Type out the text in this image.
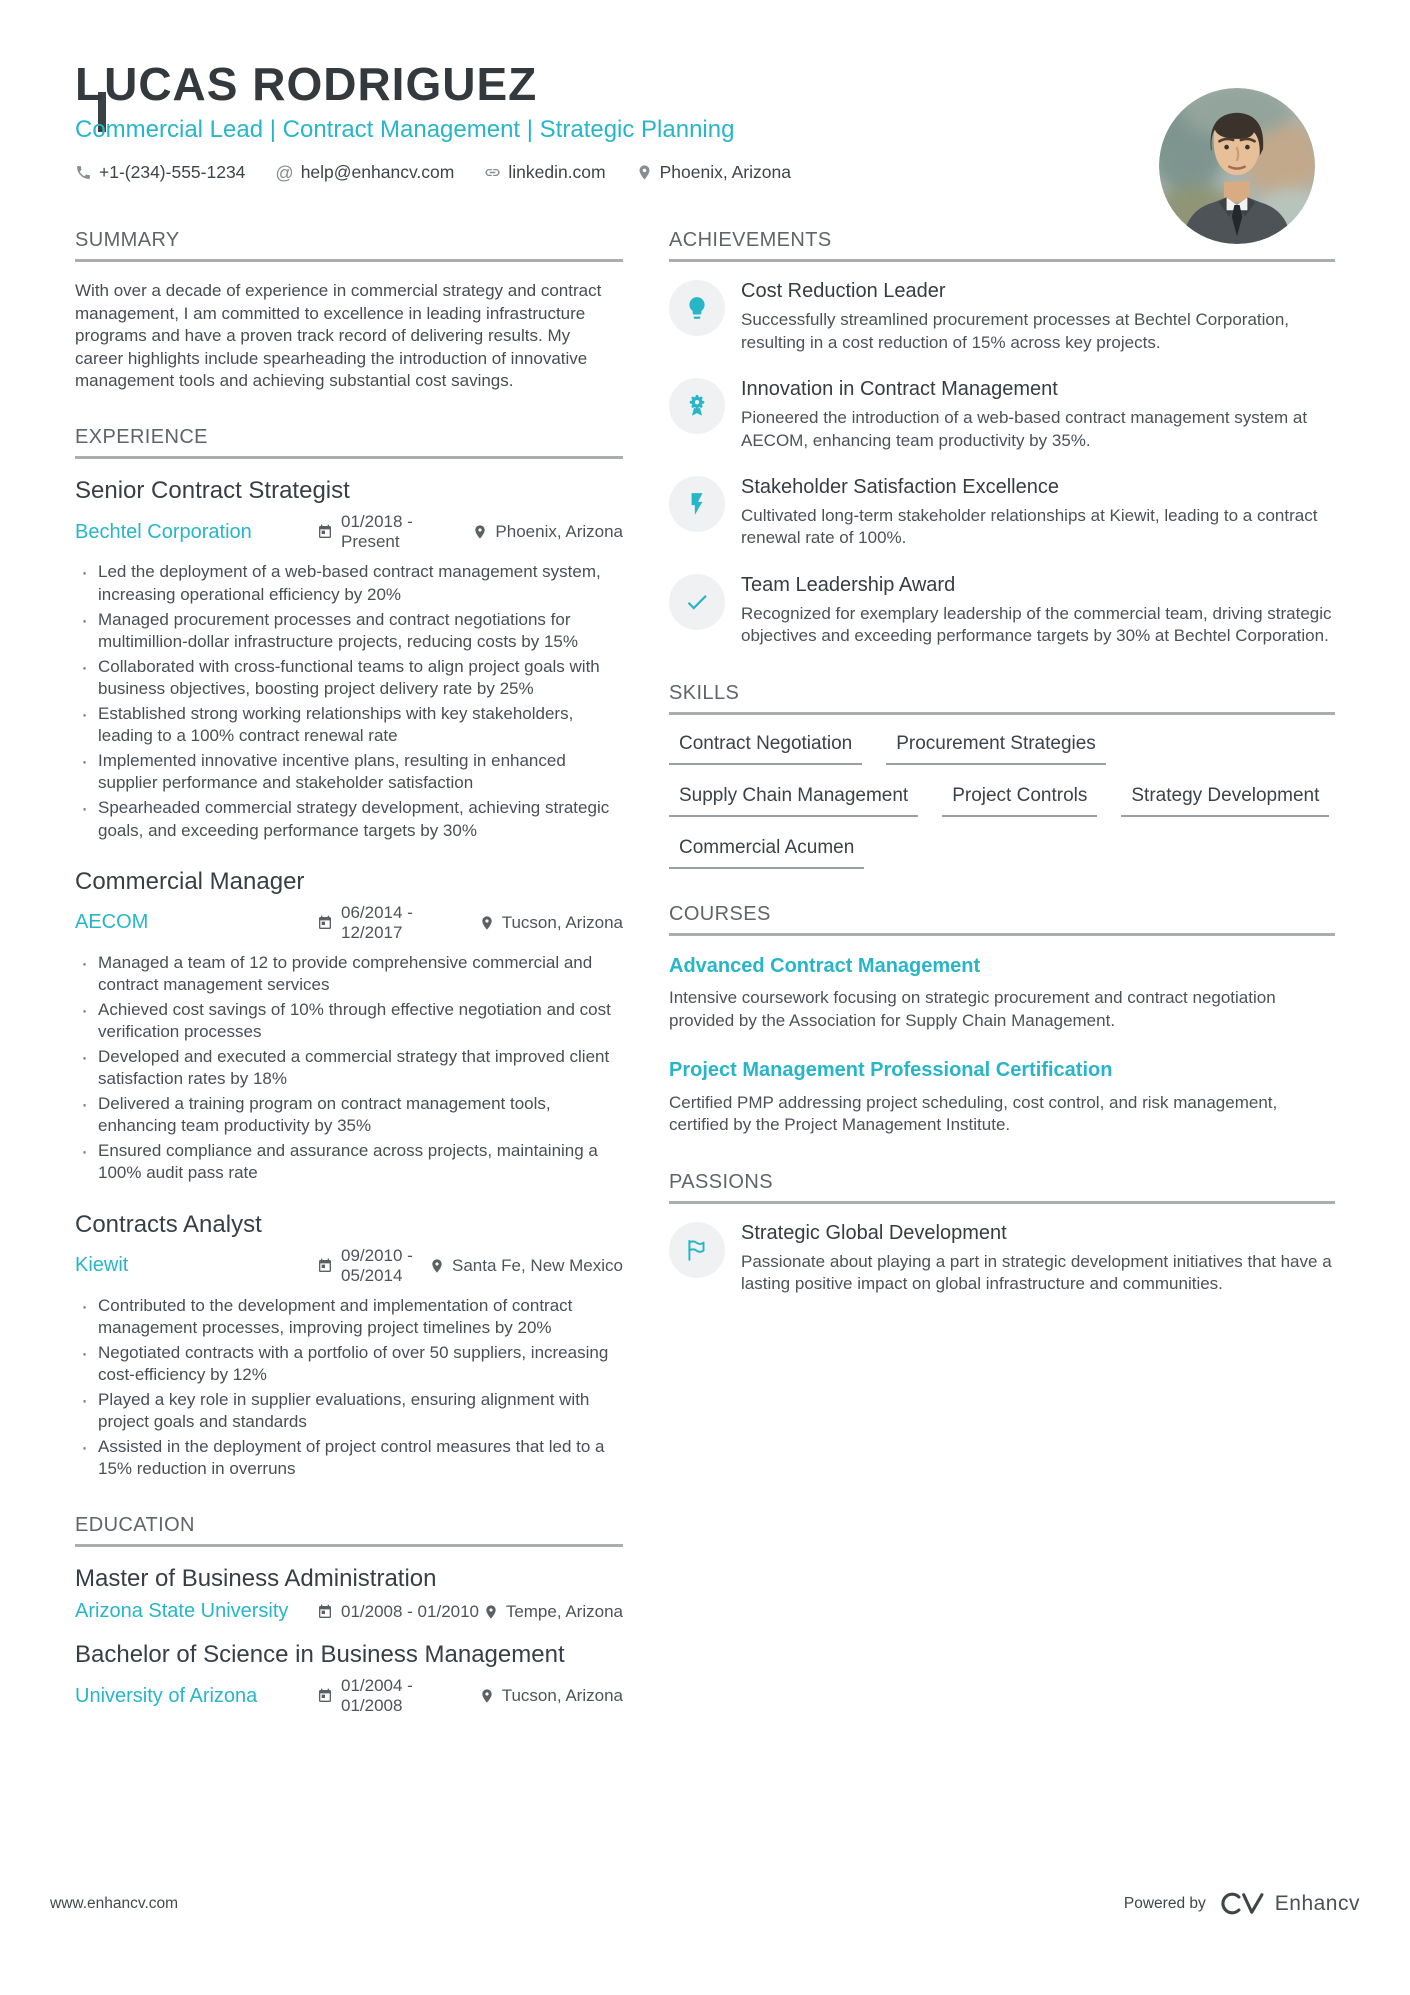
LUCAS RODRIGUEZ
Commercial Lead | Contract Management | Strategic Planning
+1-(234)-555-1234 @ help@enhancv.com	linkedin.com	Phoenix, Arizona
SUMMARY

With over a decade of experience in commercial strategy and contract management, I am committed to excellence in leading infrastructure programs and have a proven track record of delivering results. My career highlights include spearheading the introduction of innovative management tools and achieving substantial cost savings.

EXPERIENCE
Senior Contract Strategist
Bechtel Corporation	01/2018 - Present
Phoenix, Arizona
· Led the deployment of a web-based contract management system, increasing operational efficiency by 20%
· Managed procurement processes and contract negotiations for multimillion-dollar infrastructure projects, reducing costs by 15%
· Collaborated with cross-functional teams to align project goals with business objectives, boosting project delivery rate by 25%
· Established strong working relationships with key stakeholders, leading to a 100% contract renewal rate
· Implemented innovative incentive plans, resulting in enhanced supplier performance and stakeholder satisfaction
· Spearheaded commercial strategy development, achieving strategic goals, and exceeding performance targets by 30%
Commercial Manager
AECOM	06/2014 - 12/2017
Tucson, Arizona
· Managed a team of 12 to provide comprehensive commercial and contract management services
· Achieved cost savings of 10% through effective negotiation and cost verification processes
· Developed and executed a commercial strategy that improved client satisfaction rates by 18%
· Delivered a training program on contract management tools, enhancing team productivity by 35%
· Ensured compliance and assurance across projects, maintaining a 100% audit pass rate
Contracts Analyst
Kiewit	09/2010 - 05/2014
Santa Fe, New Mexico
· Contributed to the development and implementation of contract management processes, improving project timelines by 20%
· Negotiated contracts with a portfolio of over 50 suppliers, increasing cost-efficiency by 12%
· Played a key role in supplier evaluations, ensuring alignment with project goals and standards
· Assisted in the deployment of project control measures that led to a 15% reduction in overruns
EDUCATION
Master of Business Administration
Arizona State University	01/2008 - 01/2010 Tempe, Arizona
Bachelor of Science in Business Management
University of Arizona	01/2004 - 01/2008
Tucson, Arizona
ACHIEVEMENTS
Cost Reduction Leader

Successfully streamlined procurement processes at Bechtel Corporation, resulting in a cost reduction of 15% across key projects.

Innovation in Contract Management

Pioneered the introduction of a web-based contract management system at AECOM, enhancing team productivity by 35%.

Stakeholder Satisfaction Excellence

Cultivated long-term stakeholder relationships at Kiewit, leading to a contract renewal rate of 100%.

Team Leadership Award

Recognized for exemplary leadership of the commercial team, driving strategic objectives and exceeding performance targets by 30% at Bechtel Corporation.

SKILLS
Contract Negotiation	Procurement Strategies
Supply Chain Management	Project Controls	Strategy Development
Commercial Acumen
COURSES
Advanced Contract Management

Intensive coursework focusing on strategic procurement and contract negotiation provided by the Association for Supply Chain Management.

Project Management Professional Certification

Certified PMP addressing project scheduling, cost control, and risk management, certified by the Project Management Institute.

PASSIONS
Strategic Global Development

Passionate about playing a part in strategic development initiatives that have a lasting positive impact on global infrastructure and communities.

www.enhancv.com	Powered by	Enhancv
